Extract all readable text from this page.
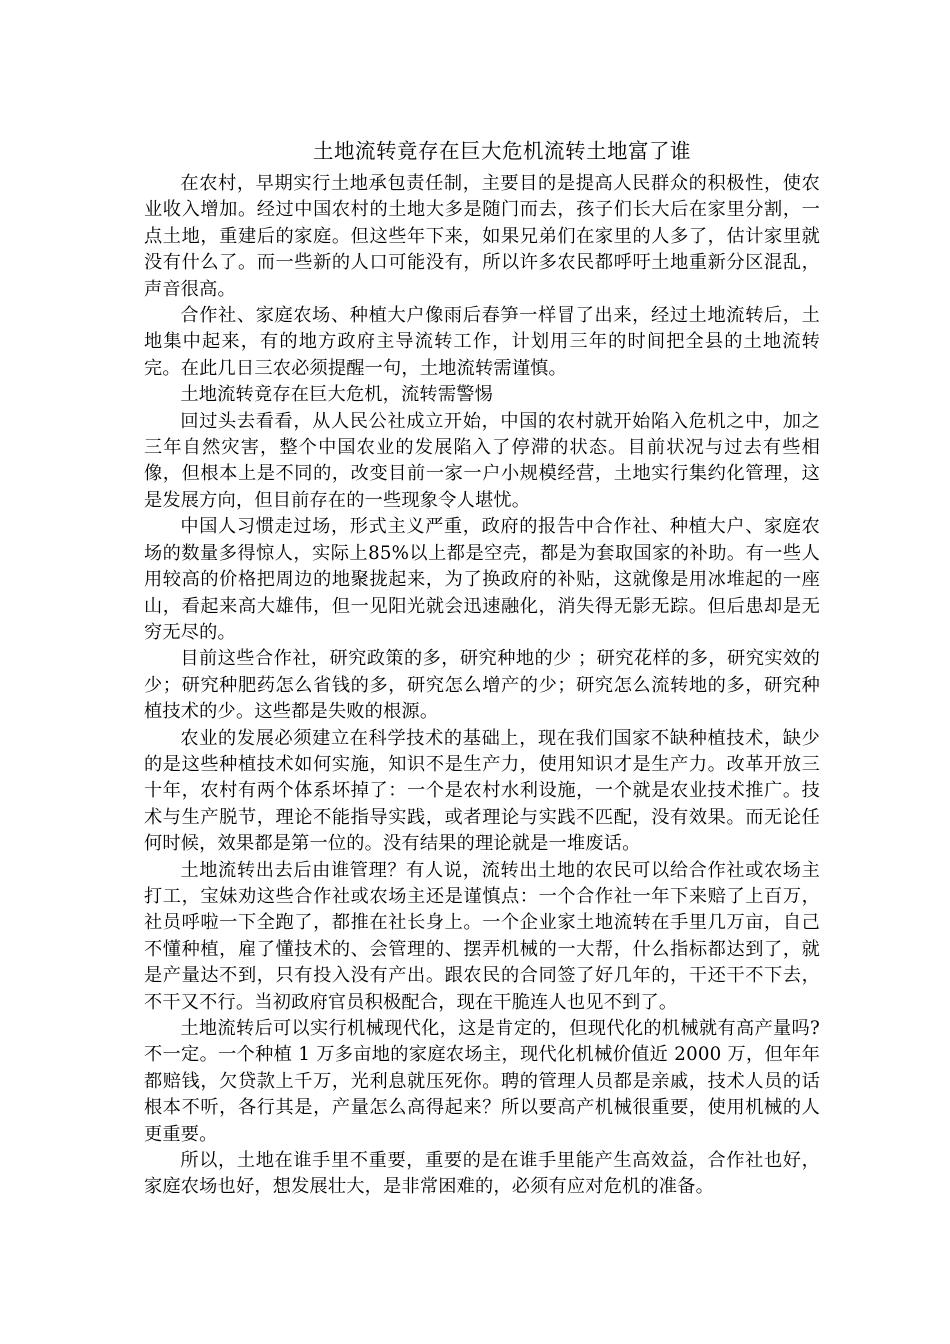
土地流转竟存在巨大危机流转土地富了谁

在农村，早期实行土地承包责任制，主要目的是提高人民群众的积极性，使农业收入增加。经过中国农村的土地大多是随门而去，孩子们长大后在家里分割，一点土地，重建后的家庭。但这些年下来，如果兄弟们在家里的人多了，估计家里就没有什么了。而一些新的人口可能没有，所以许多农民都呼吁土地重新分区混乱，声音很高。

合作社、家庭农场、种植大户像雨后春笋一样冒了出来，经过土地流转后，土地集中起来，有的地方政府主导流转工作，计划用三年的时间把全县的土地流转完。在此几日三农必须提醒一句，土地流转需谨慎。

土地流转竟存在巨大危机，流转需警惕

回过头去看看，从人民公社成立开始，中国的农村就开始陷入危机之中，加之三年自然灾害，整个中国农业的发展陷入了停滞的状态。目前状况与过去有些相像，但根本上是不同的，改变目前一家一户小规模经营，土地实行集约化管理，这是发展方向，但目前存在的一些现象令人堪忧。

中国人习惯走过场，形式主义严重，政府的报告中合作社、种植大户、家庭农场的数量多得惊人，实际上85%以上都是空壳，都是为套取国家的补助。有一些人用较高的价格把周边的地聚拢起来，为了换政府的补贴，这就像是用冰堆起的一座山，看起来高大雄伟，但一见阳光就会迅速融化，消失得无影无踪。但后患却是无穷无尽的。

目前这些合作社，研究政策的多，研究种地的少 ；研究花样的多，研究实效的少；研究种肥药怎么省钱的多，研究怎么增产的少；研究怎么流转地的多，研究种植技术的少。这些都是失败的根源。

农业的发展必须建立在科学技术的基础上，现在我们国家不缺种植技术，缺少的是这些种植技术如何实施，知识不是生产力，使用知识才是生产力。改革开放三十年，农村有两个体系坏掉了：一个是农村水利设施，一个就是农业技术推广。技术与生产脱节，理论不能指导实践，或者理论与实践不匹配，没有效果。而无论任何时候，效果都是第一位的。没有结果的理论就是一堆废话。

土地流转出去后由谁管理？有人说，流转出土地的农民可以给合作社或农场主打工，宝妹劝这些合作社或农场主还是谨慎点：一个合作社一年下来赔了上百万，社员呼啦一下全跑了，都推在社长身上。一个企业家土地流转在手里几万亩，自己不懂种植，雇了懂技术的、会管理的、摆弄机械的一大帮，什么指标都达到了，就是产量达不到，只有投入没有产出。跟农民的合同签了好几年的，干还干不下去，不干又不行。当初政府官员积极配合，现在干脆连人也见不到了。

土地流转后可以实行机械现代化，这是肯定的，但现代化的机械就有高产量吗?不一定。一个种植 1 万多亩地的家庭农场主，现代化机械价值近 2000 万，但年年都赔钱，欠贷款上千万，光利息就压死你。聘的管理人员都是亲戚，技术人员的话根本不听，各行其是，产量怎么高得起来？所以要高产机械很重要，使用机械的人更重要。

所以，土地在谁手里不重要，重要的是在谁手里能产生高效益，合作社也好，家庭农场也好，想发展壮大，是非常困难的，必须有应对危机的准备。
